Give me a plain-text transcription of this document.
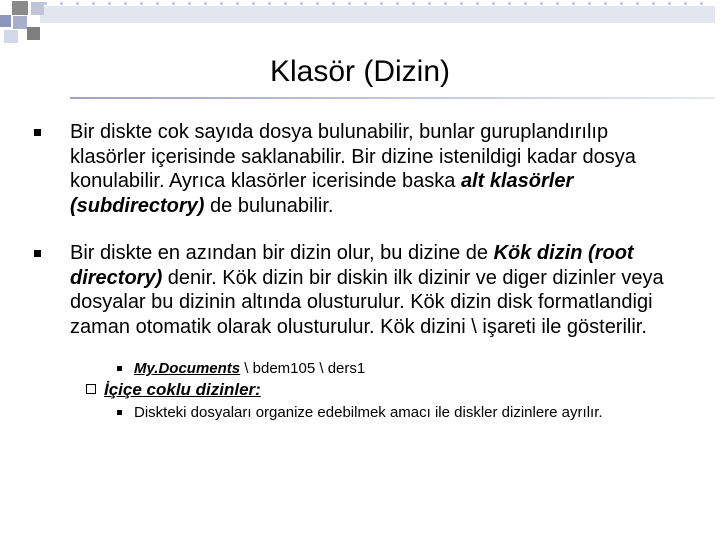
Klasör (Dizin)
Bir diskte cok sayıda dosya bulunabilir, bunlar guruplandırılıp klasörler içerisinde saklanabilir. Bir dizine istenildigi kadar dosya konulabilir. Ayrıca klasörler icerisinde baska alt klasörler (subdirectory) de bulunabilir.
Bir diskte en azından bir dizin olur, bu dizine de Kök dizin (root directory) denir. Kök dizin bir diskin ilk dizinir ve diger dizinler veya dosyalar bu dizinin altında olusturulur. Kök dizin disk formatlandigi zaman otomatik olarak olusturulur. Kök dizini \ işareti ile gösterilir.
My.Documents \ bdem105 \ ders1
İçiçe coklu dizinler:
Diskteki dosyaları organize edebilmek amacı ile diskler dizinlere ayrılır.
